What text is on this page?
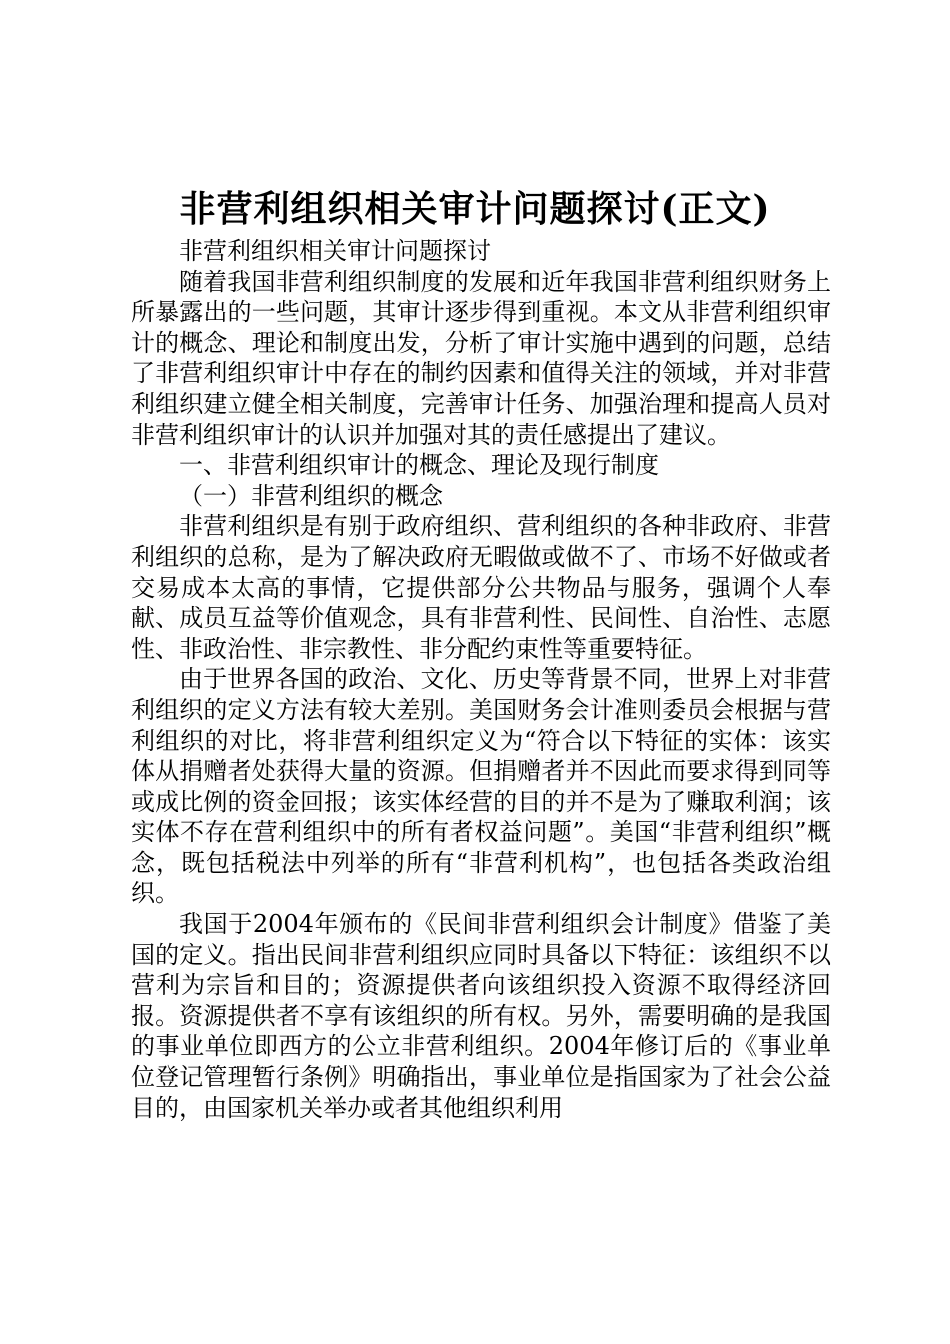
非营利组织相关审计问题探讨(正文)

非营利组织相关审计问题探讨

随着我国非营利组织制度的发展和近年我国非营利组织财务上所暴露出的一些问题，其审计逐步得到重视。本文从非营利组织审计的概念、理论和制度出发，分析了审计实施中遇到的问题，总结了非营利组织审计中存在的制约因素和值得关注的领域，并对非营利组织建立健全相关制度，完善审计任务、加强治理和提高人员对非营利组织审计的认识并加强对其的责任感提出了建议。

一、非营利组织审计的概念、理论及现行制度

（一）非营利组织的概念

非营利组织是有别于政府组织、营利组织的各种非政府、非营利组织的总称，是为了解决政府无暇做或做不了、市场不好做或者交易成本太高的事情，它提供部分公共物品与服务，强调个人奉献、成员互益等价值观念，具有非营利性、民间性、自治性、志愿性、非政治性、非宗教性、非分配约束性等重要特征。

由于世界各国的政治、文化、历史等背景不同，世界上对非营利组织的定义方法有较大差别。美国财务会计准则委员会根据与营利组织的对比，将非营利组织定义为“符合以下特征的实体：该实体从捐赠者处获得大量的资源。但捐赠者并不因此而要求得到同等或成比例的资金回报；该实体经营的目的并不是为了赚取利润；该实体不存在营利组织中的所有者权益问题”。美国“非营利组织”概念，既包括税法中列举的所有“非营利机构”，也包括各类政治组织。

我国于2004年颁布的《民间非营利组织会计制度》借鉴了美国的定义。指出民间非营利组织应同时具备以下特征：该组织不以营利为宗旨和目的；资源提供者向该组织投入资源不取得经济回报。资源提供者不享有该组织的所有权。另外，需要明确的是我国的事业单位即西方的公立非营利组织。2004年修订后的《事业单位登记管理暂行条例》明确指出，事业单位是指国家为了社会公益目的，由国家机关举办或者其他组织利用
